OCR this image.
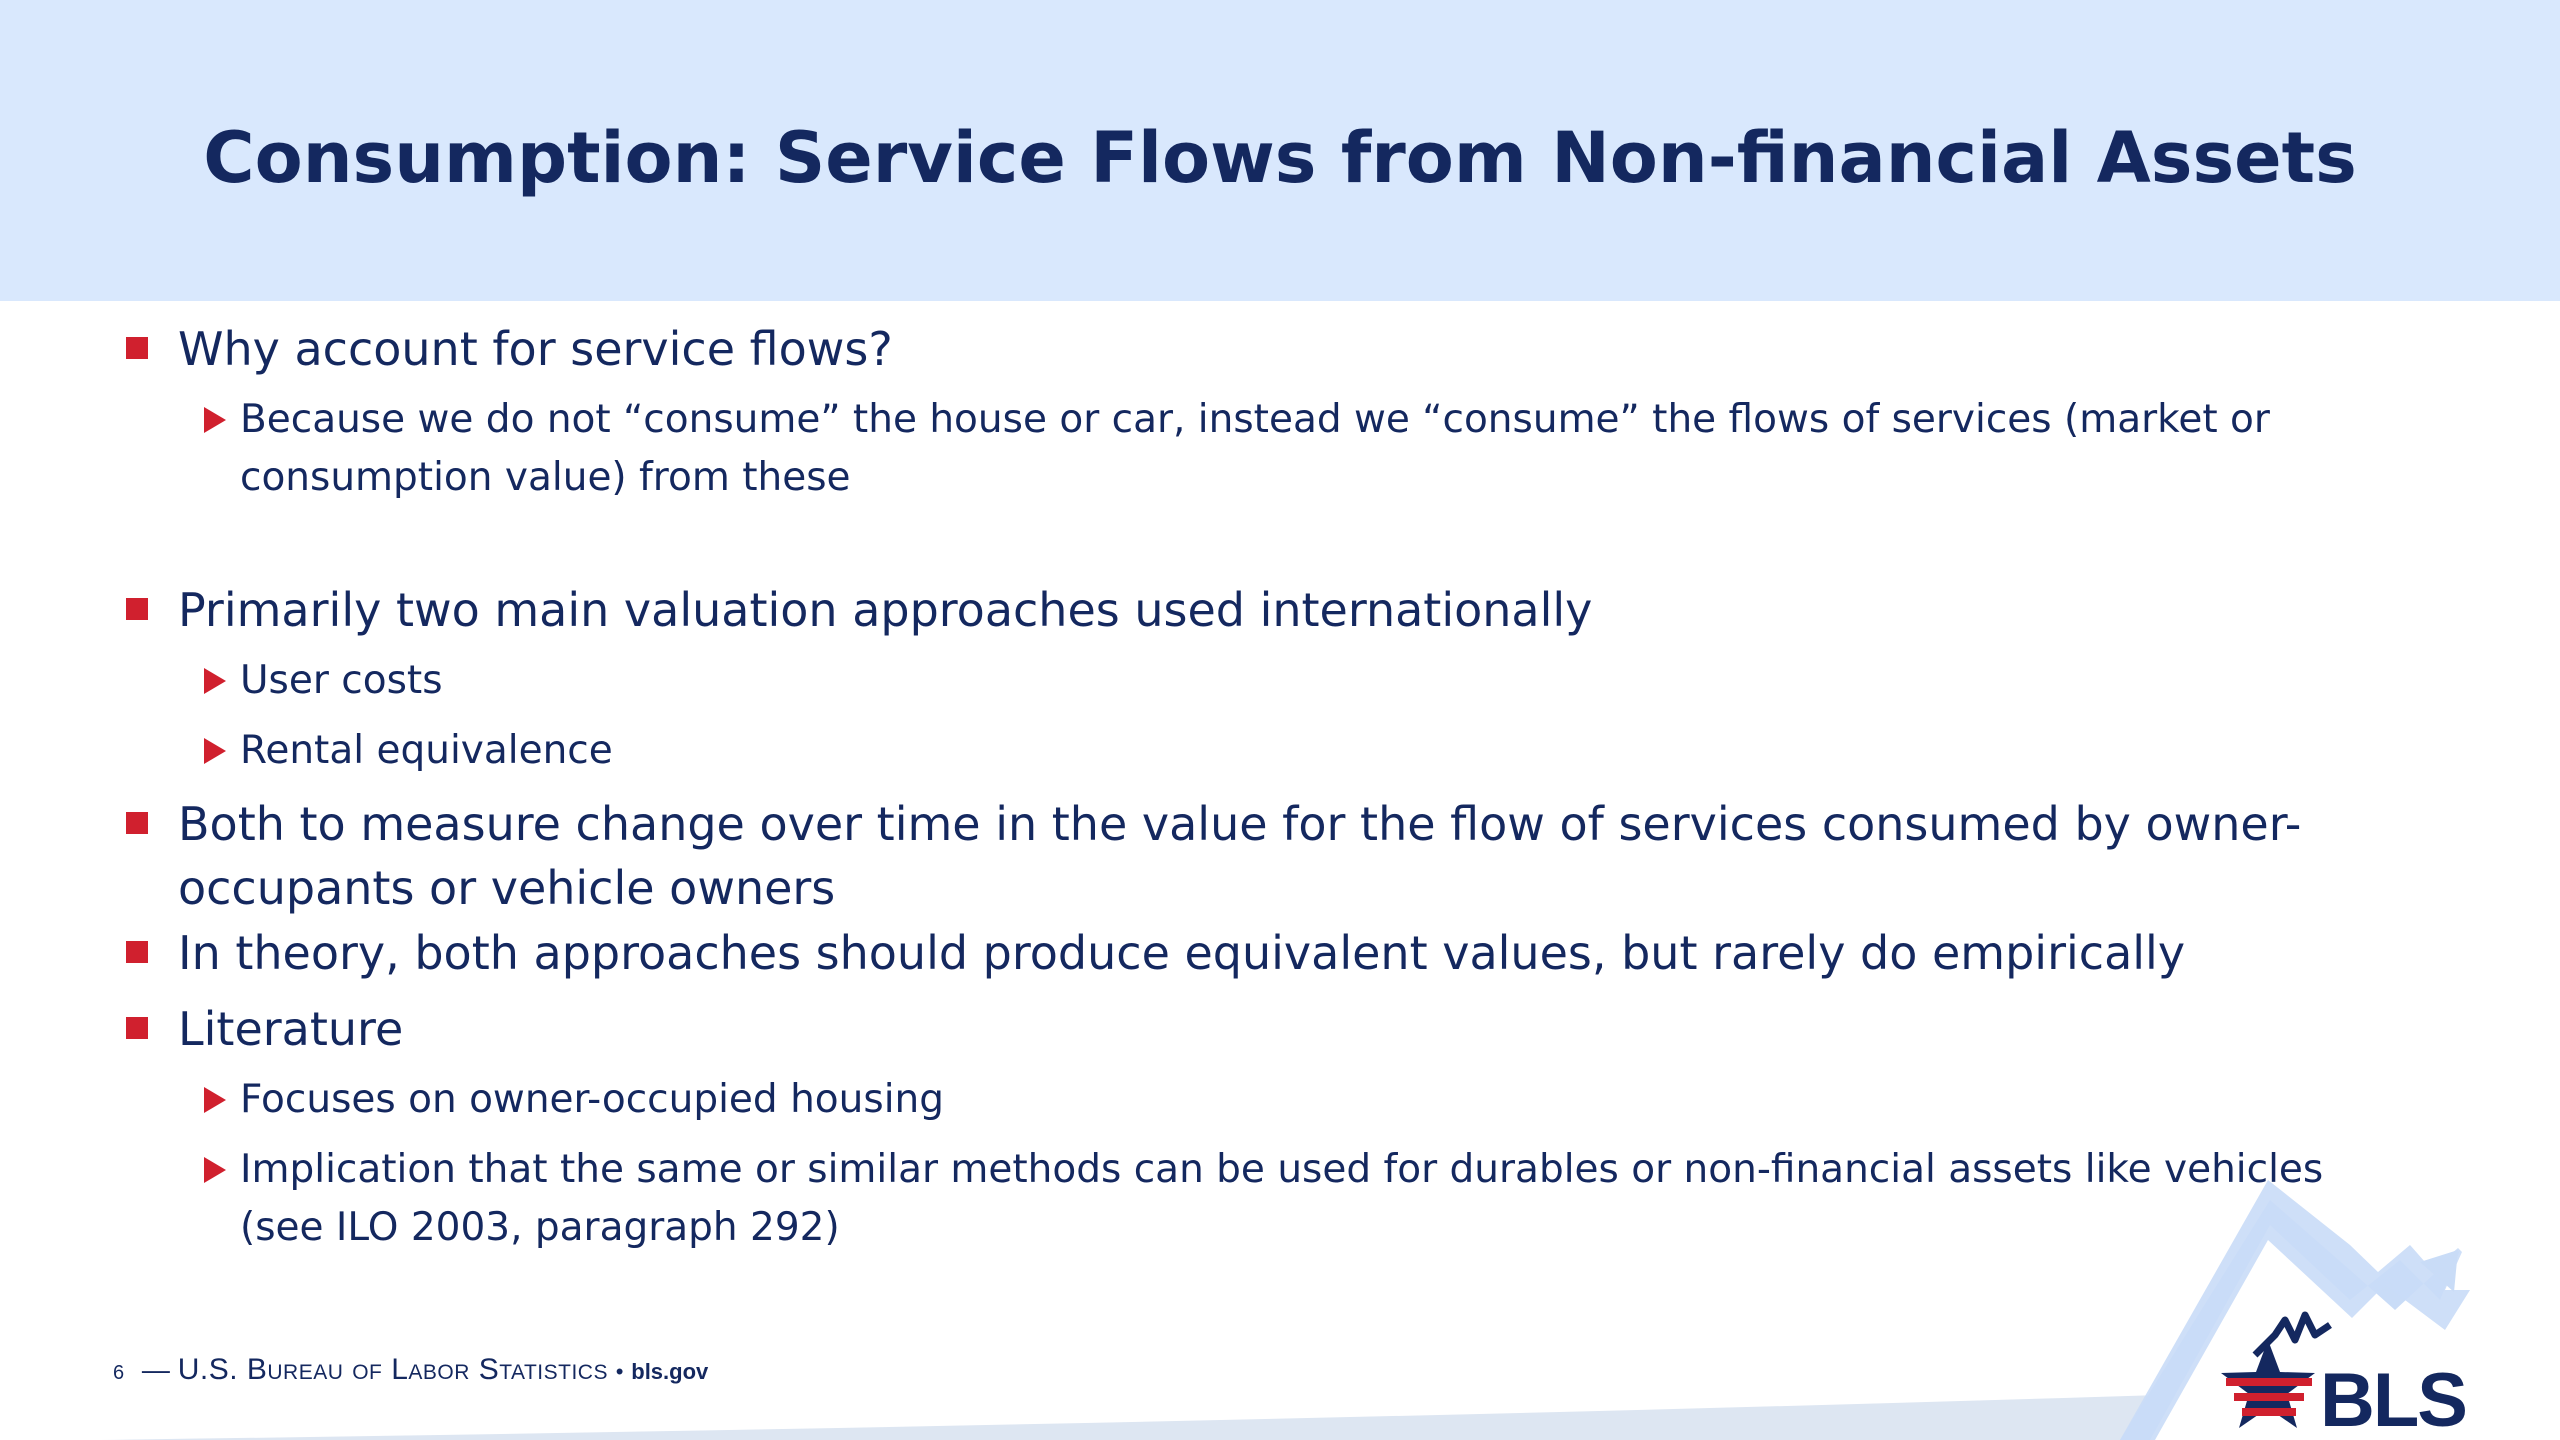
Consumption: Service Flows from Non-financial Assets
Why account for service flows?
Because we do not “consume” the house or car, instead we “consume” the flows of services (market or consumption value) from these
Primarily two main valuation approaches used internationally
User costs
Rental equivalence
Both to measure change over time in the value for the flow of services consumed by owner-occupants or vehicle owners
In theory, both approaches should produce equivalent values, but rarely do empirically
Literature
Focuses on owner-occupied housing
Implication that the same or similar methods can be used for durables or non-financial assets like vehicles (see ILO 2003, paragraph 292)
BLS
6 — U.S. Bureau of Labor Statistics • bls.gov
